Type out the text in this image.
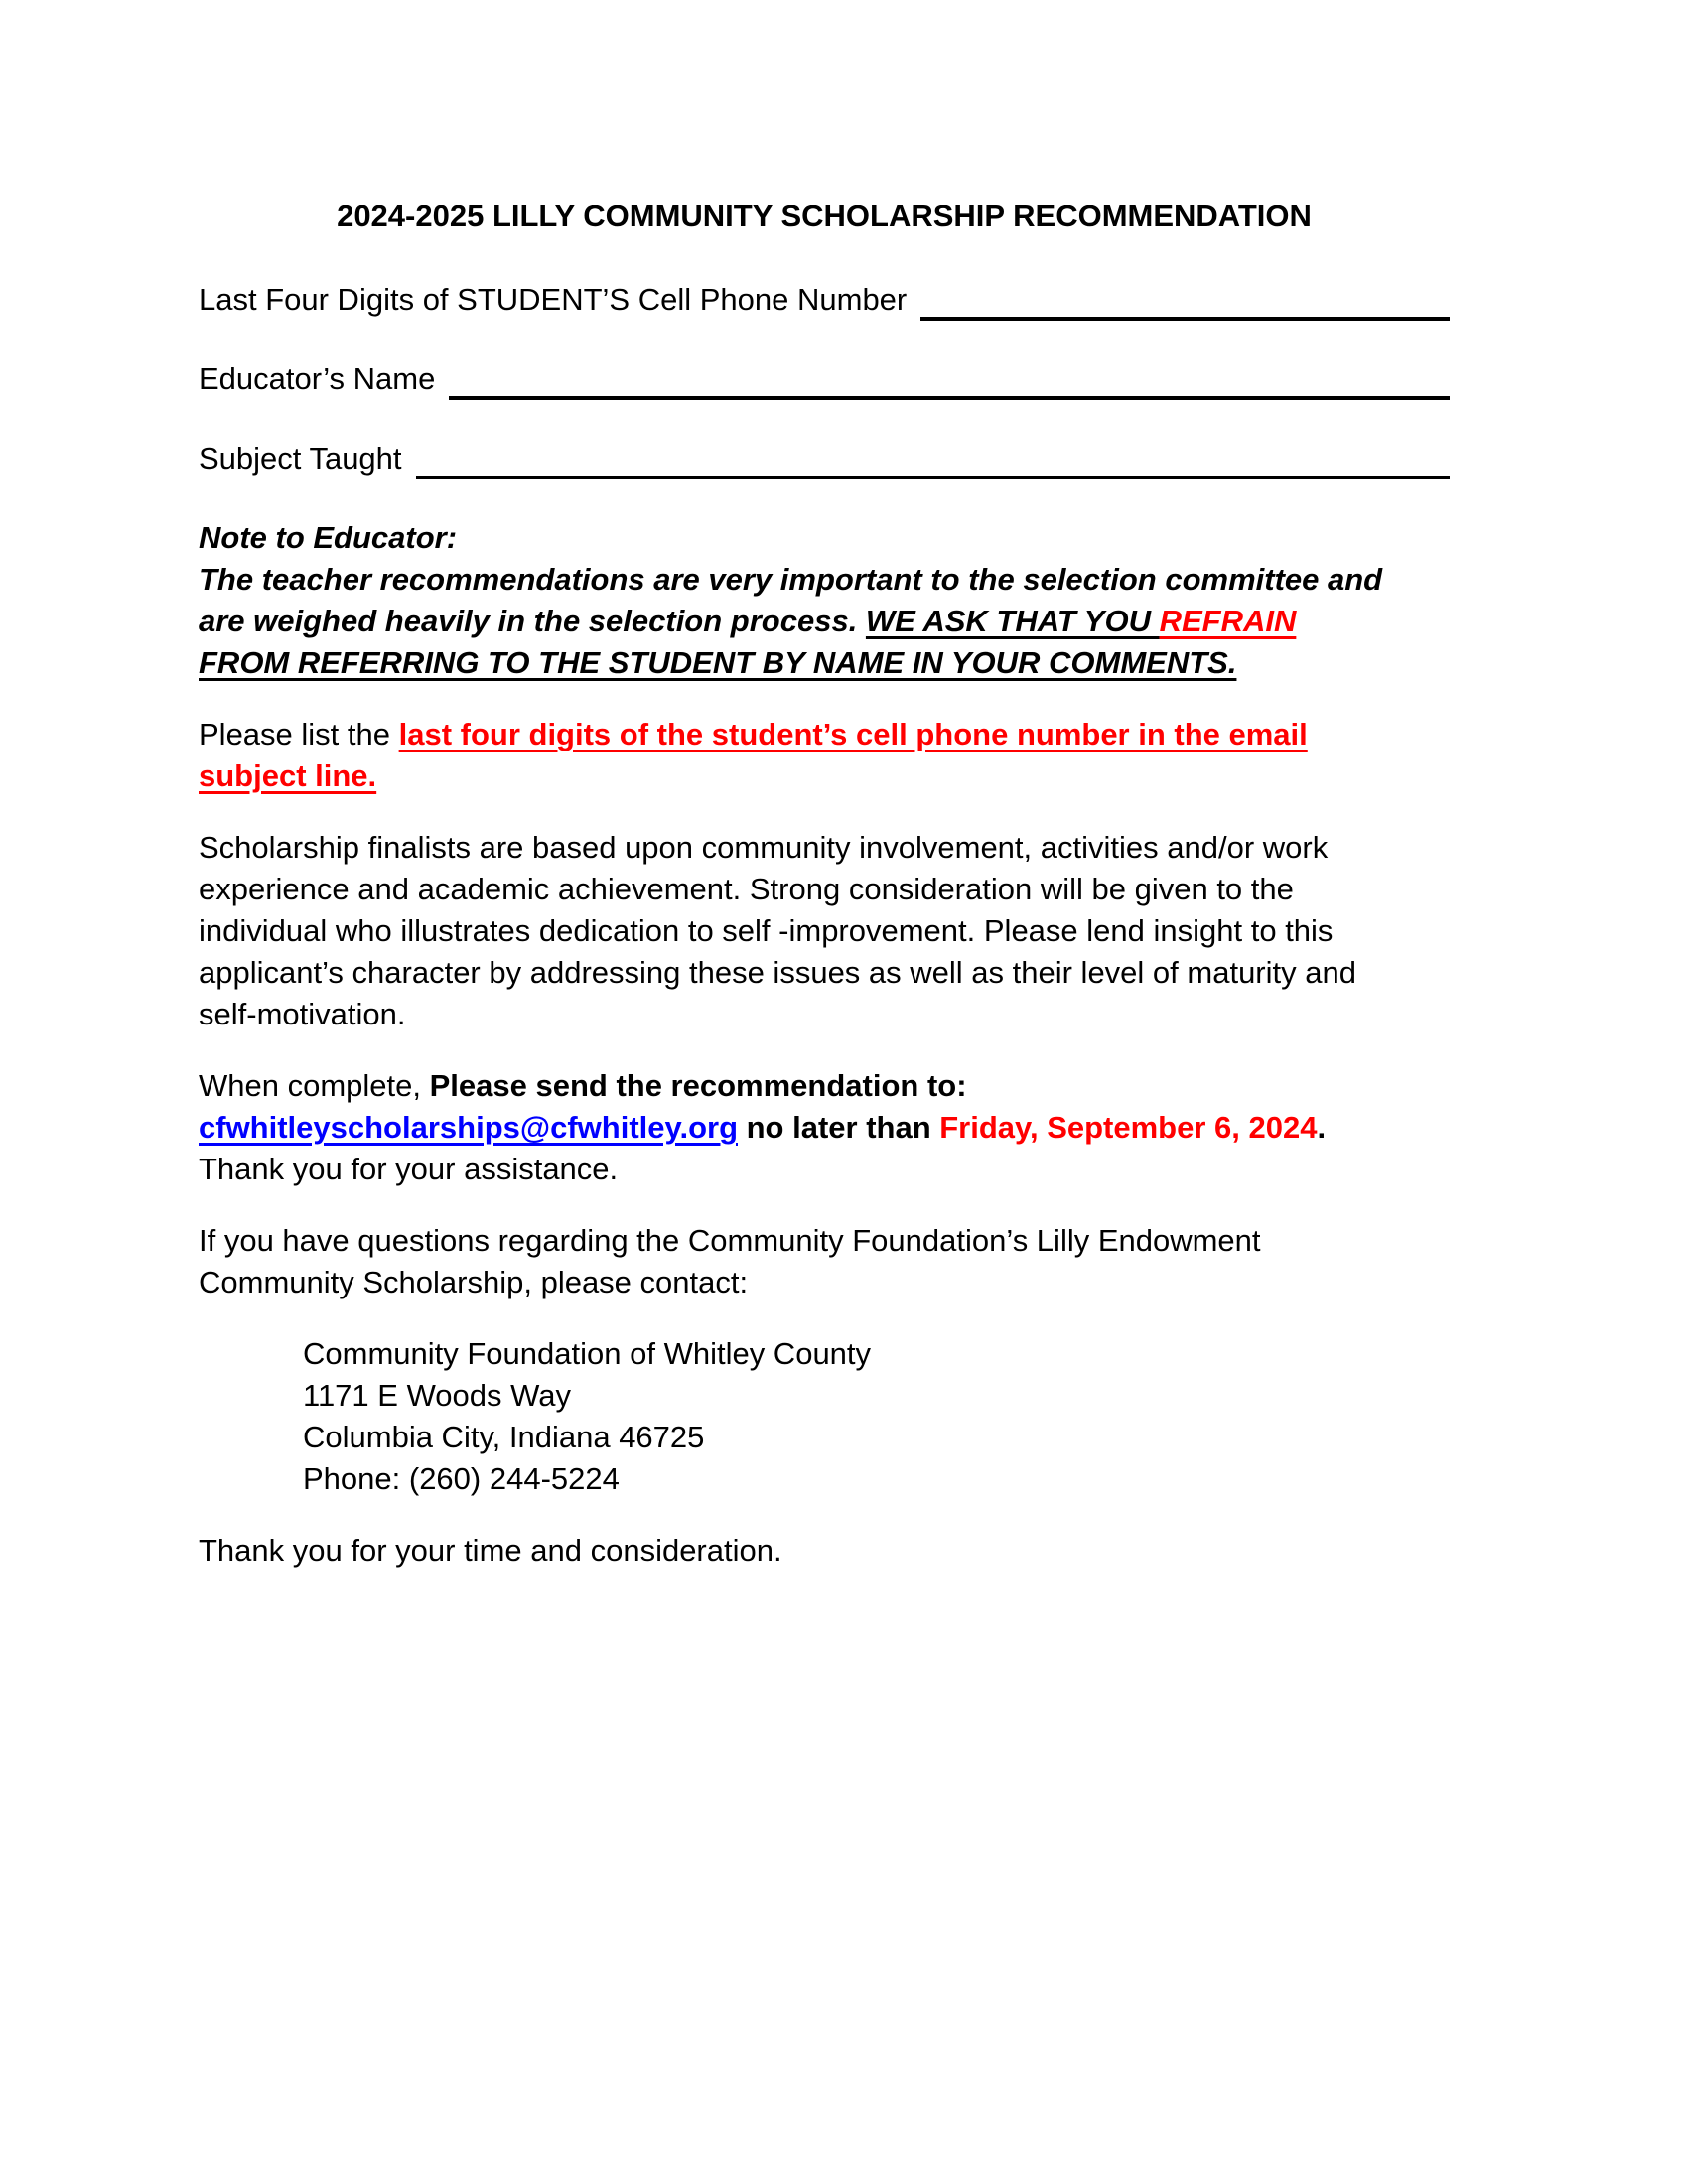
2024-2025 LILLY COMMUNITY SCHOLARSHIP RECOMMENDATION
Last Four Digits of STUDENT’S Cell Phone Number
Educator’s Name
Subject Taught
Note to Educator:
The teacher recommendations are very important to the selection committee and
are weighed heavily in the selection process. WE ASK THAT YOU REFRAIN
FROM REFERRING TO THE STUDENT BY NAME IN YOUR COMMENTS.
Please list the last four digits of the student’s cell phone number in the email
subject line.
Scholarship finalists are based upon community involvement, activities and/or work
experience and academic achievement. Strong consideration will be given to the
individual who illustrates dedication to self -improvement. Please lend insight to this
applicant’s character by addressing these issues as well as their level of maturity and
self-motivation.
When complete, Please send the recommendation to:
cfwhitleyscholarships@cfwhitley.org no later than Friday, September 6, 2024.
Thank you for your assistance.
If you have questions regarding the Community Foundation’s Lilly Endowment
Community Scholarship, please contact:
Community Foundation of Whitley County
1171 E Woods Way
Columbia City, Indiana 46725
Phone: (260) 244-5224
Thank you for your time and consideration.
